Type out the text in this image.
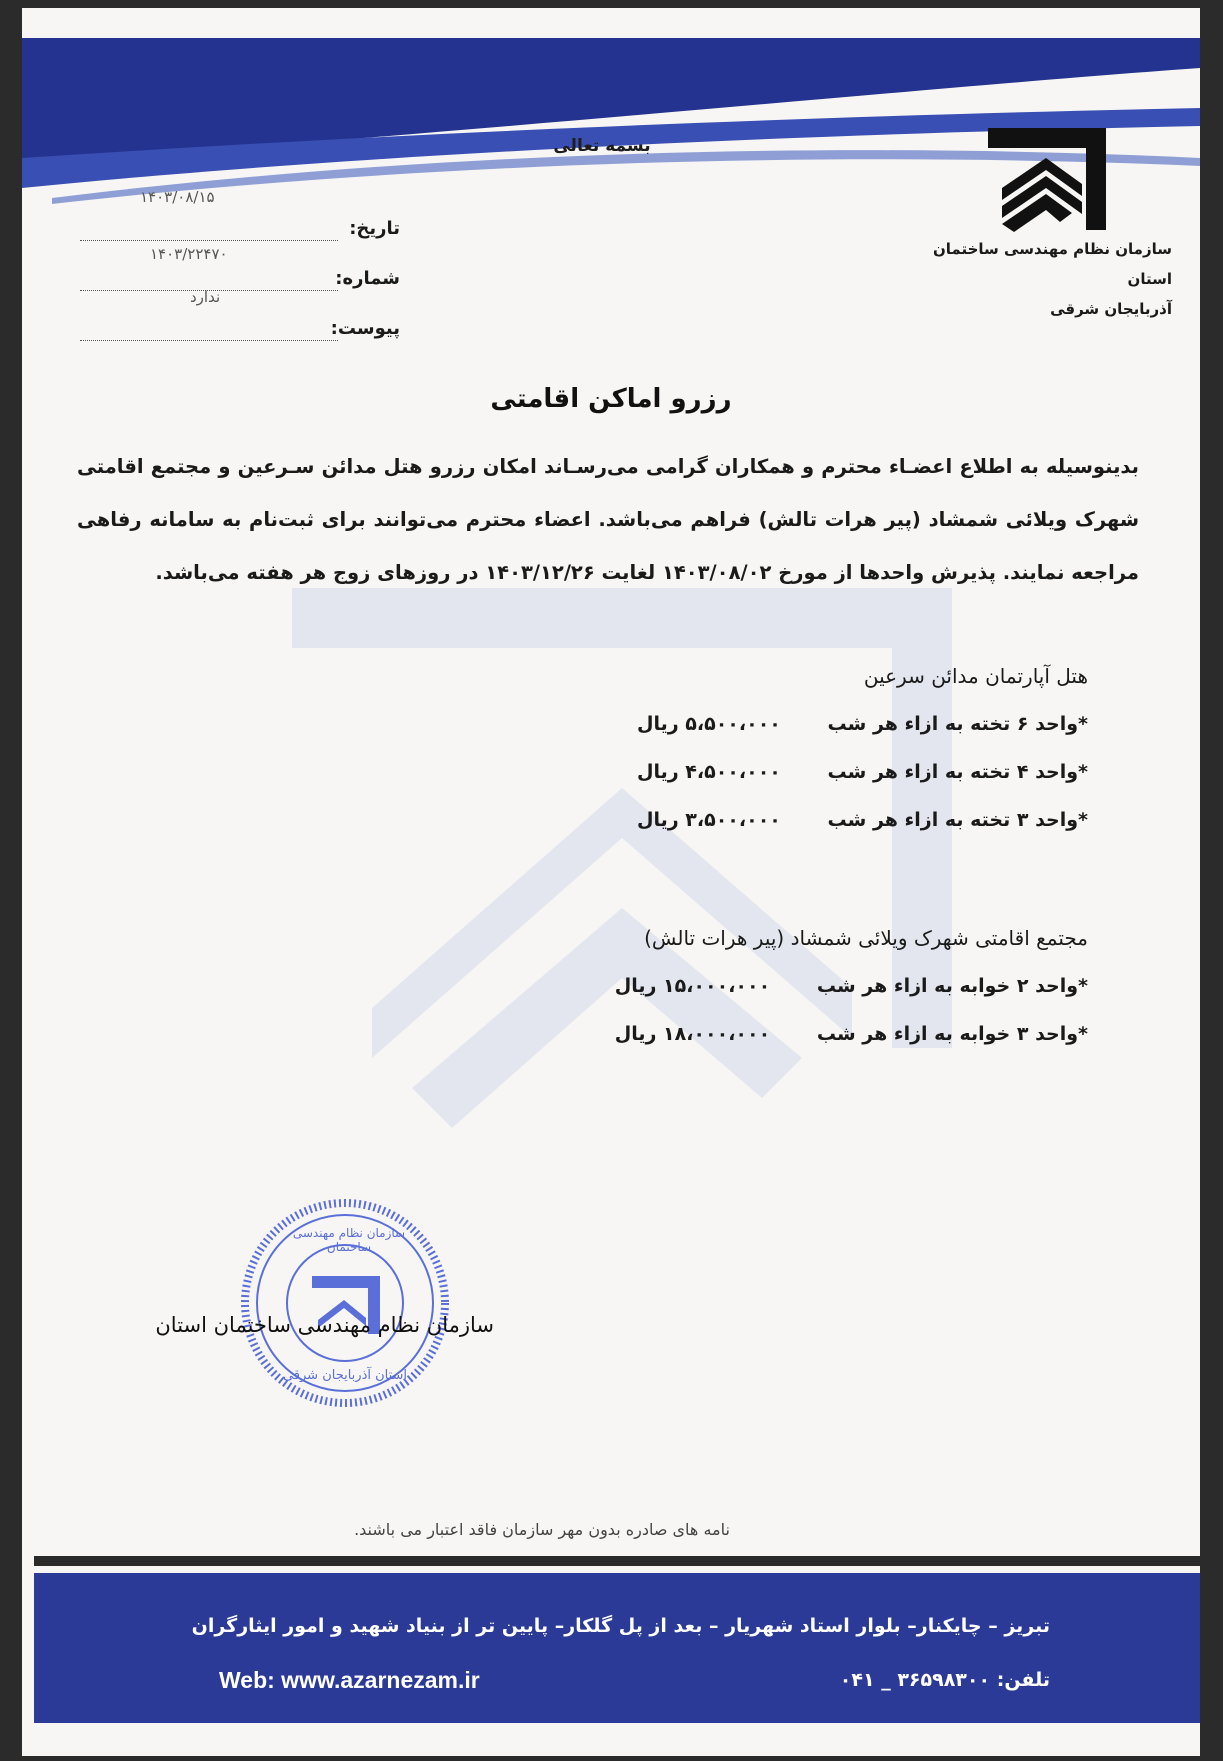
بسمه تعالی
سازمان نظام مهندسی ساختمان استان
آذربایجان شرقی
۱۴۰۳/۰۸/۱۵
تاریخ:
۱۴۰۳/۲۲۴۷۰
شماره:
ندارد
پیوست:
رزرو اماکن اقامتی
بدینوسیله به اطلاع اعضـاء محترم و همکاران گرامی می‌رسـاند امکان رزرو هتل مدائن سـرعین و مجتمع اقامتی شهرک ویلائی شمشاد (پیر هرات تالش) فراهم می‌باشد. اعضاء محترم می‌توانند برای ثبت‌نام به سامانه رفاهی مراجعه نمایند. پذیرش واحدها از مورخ ۱۴۰۳/۰۸/۰۲ لغایت ۱۴۰۳/۱۲/۲۶ در روزهای زوج هر هفته می‌باشد.
هتل آپارتمان مدائن سرعین
*واحد ۶ تخته به ازاء هر شب ۵،۵۰۰،۰۰۰ ریال
*واحد ۴ تخته به ازاء هر شب ۴،۵۰۰،۰۰۰ ریال
*واحد ۳ تخته به ازاء هر شب ۳،۵۰۰،۰۰۰ ریال
مجتمع اقامتی شهرک ویلائی شمشاد (پیر هرات تالش)
*واحد ۲ خوابه به ازاء هر شب ۱۵،۰۰۰،۰۰۰ ریال
*واحد ۳ خوابه به ازاء هر شب ۱۸،۰۰۰،۰۰۰ ریال
سازمان نظام مهندسی ساختمان
استان آذربایجان شرقی
سازمان نظام مهندسی ساختمان استان
نامه های صادره بدون مهر سازمان فاقد اعتبار می باشند.
تبریز – چایکنار– بلوار استاد شهریار – بعد از پل گلکار– پایین تر از بنیاد شهید و امور ایثارگران
تلفن: ۳۶۵۹۸۳۰۰ _ ۰۴۱
Web: www.azarnezam.ir
